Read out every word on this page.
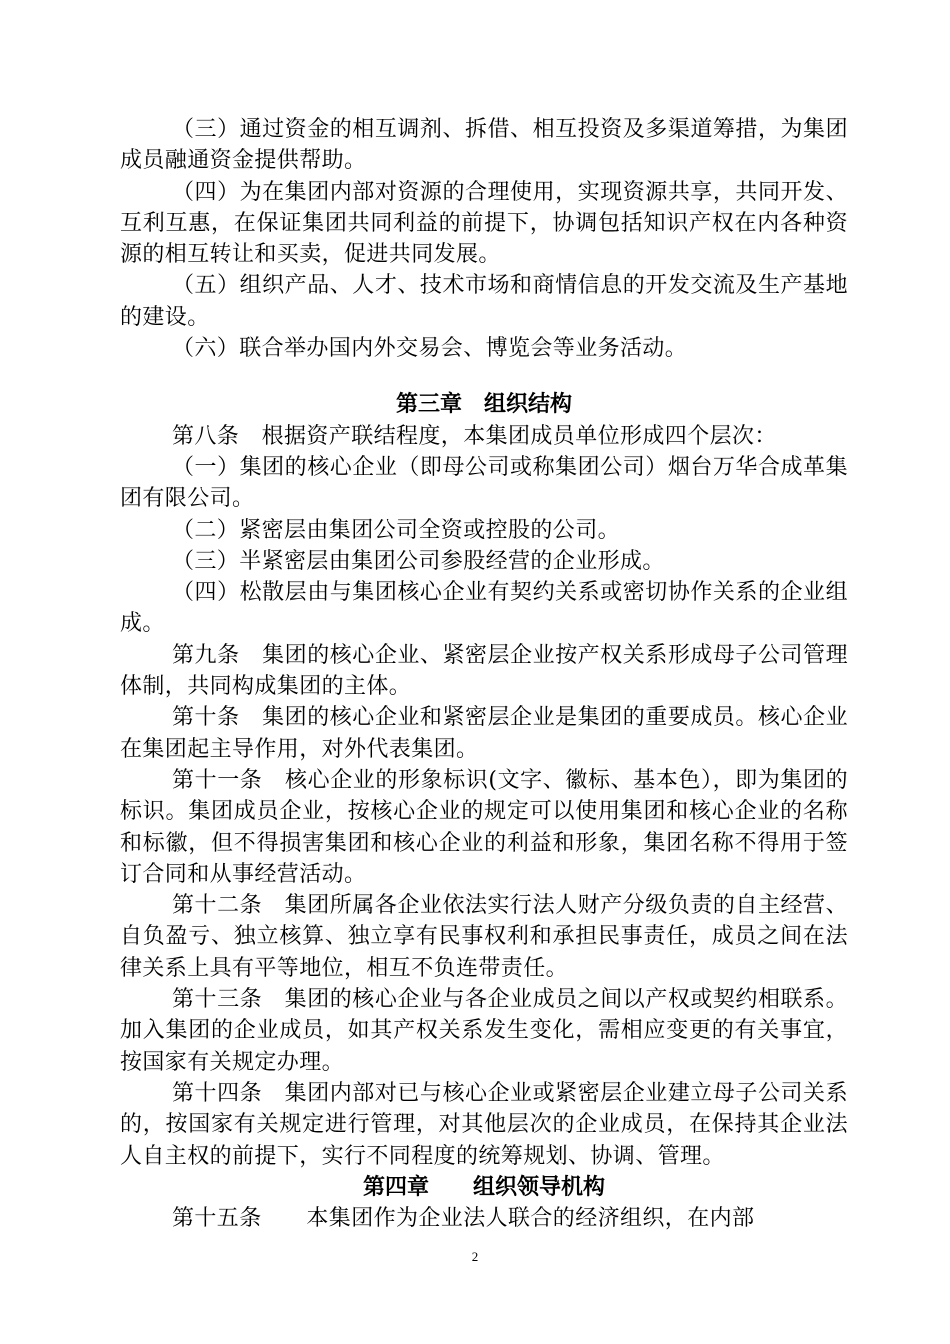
（三）通过资金的相互调剂、拆借、相互投资及多渠道筹措，为集团成员融通资金提供帮助。

（四）为在集团内部对资源的合理使用，实现资源共享，共同开发、互利互惠，在保证集团共同利益的前提下，协调包括知识产权在内各种资源的相互转让和买卖，促进共同发展。

（五）组织产品、人才、技术市场和商情信息的开发交流及生产基地的建设。

（六）联合举办国内外交易会、博览会等业务活动。

第三章　组织结构

第八条　根据资产联结程度，本集团成员单位形成四个层次：

（一）集团的核心企业（即母公司或称集团公司）烟台万华合成革集团有限公司。

（二）紧密层由集团公司全资或控股的公司。

（三）半紧密层由集团公司参股经营的企业形成。

（四）松散层由与集团核心企业有契约关系或密切协作关系的企业组成。

第九条　集团的核心企业、紧密层企业按产权关系形成母子公司管理体制，共同构成集团的主体。

第十条　集团的核心企业和紧密层企业是集团的重要成员。核心企业在集团起主导作用，对外代表集团。

第十一条　核心企业的形象标识(文字、徽标、基本色），即为集团的标识。集团成员企业，按核心企业的规定可以使用集团和核心企业的名称和标徽，但不得损害集团和核心企业的利益和形象，集团名称不得用于签订合同和从事经营活动。

第十二条　集团所属各企业依法实行法人财产分级负责的自主经营、自负盈亏、独立核算、独立享有民事权利和承担民事责任，成员之间在法律关系上具有平等地位，相互不负连带责任。

第十三条　集团的核心企业与各企业成员之间以产权或契约相联系。加入集团的企业成员，如其产权关系发生变化，需相应变更的有关事宜，按国家有关规定办理。

第十四条　集团内部对已与核心企业或紧密层企业建立母子公司关系的，按国家有关规定进行管理，对其他层次的企业成员，在保持其企业法人自主权的前提下，实行不同程度的统筹规划、协调、管理。

第四章　　组织领导机构

第十五条　　本集团作为企业法人联合的经济组织，在内部

2
